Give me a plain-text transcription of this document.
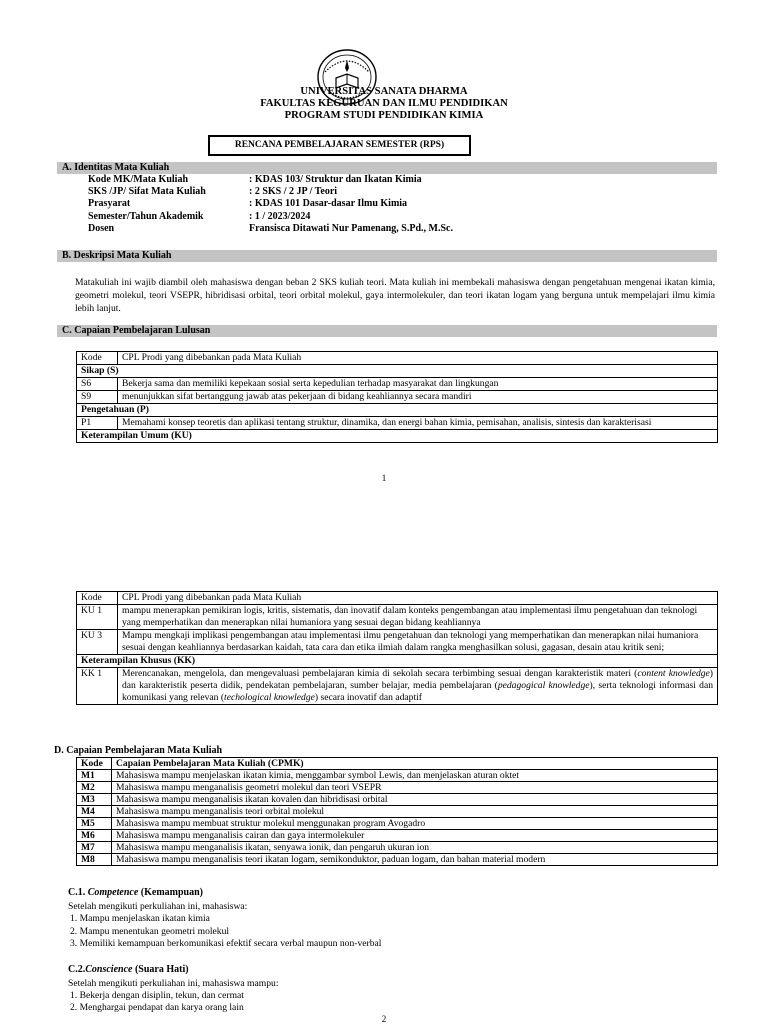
UNIVERSITAS SANATA DHARMA
FAKULTAS KEGURUAN DAN ILMU PENDIDIKAN
PROGRAM STUDI PENDIDIKAN KIMIA
RENCANA PEMBELAJARAN SEMESTER (RPS)
A. Identitas Mata Kuliah
Kode MK/Mata Kuliah	: KDAS 103/ Struktur dan Ikatan Kimia
SKS /JP/ Sifat Mata Kuliah	: 2 SKS / 2 JP / Teori
Prasyarat	: KDAS 101 Dasar-dasar Ilmu Kimia
Semester/Tahun Akademik	: 1 / 2023/2024
Dosen	Fransisca Ditawati Nur Pamenang, S.Pd., M.Sc.
B. Deskripsi Mata Kuliah
Matakuliah ini wajib diambil oleh mahasiswa dengan beban 2 SKS kuliah teori. Mata kuliah ini membekali mahasiswa dengan pengetahuan mengenai ikatan kimia, geometri molekul, teori VSEPR, hibridisasi orbital, teori orbital molekul, gaya intermolekuler, dan teori ikatan logam yang berguna untuk mempelajari ilmu kimia lebih lanjut.
C. Capaian Pembelajaran Lulusan
Kode	CPL Prodi yang dibebankan pada Mata Kuliah
Sikap (S)	
S6	Bekerja sama dan memiliki kepekaan sosial serta kepedulian terhadap masyarakat dan lingkungan
S9	menunjukkan sifat bertanggung jawab atas pekerjaan di bidang keahliannya secara mandiri
Pengetahuan (P)	
P1	Memahami konsep teoretis dan aplikasi tentang struktur, dinamika, dan energi bahan kimia, pemisahan, analisis, sintesis dan karakterisasi
Keterampilan Umum (KU)	
1
Kode	CPL Prodi yang dibebankan pada Mata Kuliah
KU 1	mampu menerapkan pemikiran logis, kritis, sistematis, dan inovatif dalam konteks pengembangan atau implementasi ilmu pengetahuan dan teknologi yang memperhatikan dan menerapkan nilai humaniora yang sesuai degan bidang keahliannya
KU 3	Mampu mengkaji implikasi pengembangan atau implementasi ilmu pengetahuan dan teknologi yang memperhatikan dan menerapkan nilai humaniora sesuai dengan keahliannya berdasarkan kaidah, tata cara dan etika ilmiah dalam rangka menghasilkan solusi, gagasan, desain atau kritik seni;
Keterampilan Khusus (KK)	
KK 1	Merencanakan, mengelola, dan mengevaluasi pembelajaran kimia di sekolah secara terbimbing sesuai dengan karakteristik materi (content knowledge) dan karakteristik peserta didik, pendekatan pembelajaran, sumber belajar, media pembelajaran (pedagogical knowledge), serta teknologi informasi dan komunikasi yang relevan (techological knowledge) secara inovatif dan adaptif
D. Capaian Pembelajaran Mata Kuliah
Kode	Capaian Pembelajaran Mata Kuliah (CPMK)
M1	Mahasiswa mampu menjelaskan ikatan kimia, menggambar symbol Lewis, dan menjelaskan aturan oktet
M2	Mahasiswa mampu menganalisis geometri molekul dan teori VSEPR
M3	Mahasiswa mampu menganalisis ikatan kovalen dan hibridisasi orbital
M4	Mahasiswa mampu menganalisis teori orbital molekul
M5	Mahasiswa mampu membuat struktur molekul menggunakan program Avogadro
M6	Mahasiswa mampu menganalisis cairan dan gaya intermolekuler
M7	Mahasiswa mampu menganalisis ikatan, senyawa ionik, dan pengaruh ukuran ion
M8	Mahasiswa mampu menganalisis teori ikatan logam, semikonduktor, paduan logam, dan bahan material modern
C.1. Competence (Kemampuan)
Setelah mengikuti perkuliahan ini, mahasiswa:
1. Mampu menjelaskan ikatan kimia
2. Mampu menentukan geometri molekul
3. Memiliki kemampuan berkomunikasi efektif secara verbal maupun non-verbal
C.2.Conscience (Suara Hati)
Setelah mengikuti perkuliahan ini, mahasiswa mampu:
1. Bekerja dengan disiplin, tekun, dan cermat
2. Menghargai pendapat dan karya orang lain
2
